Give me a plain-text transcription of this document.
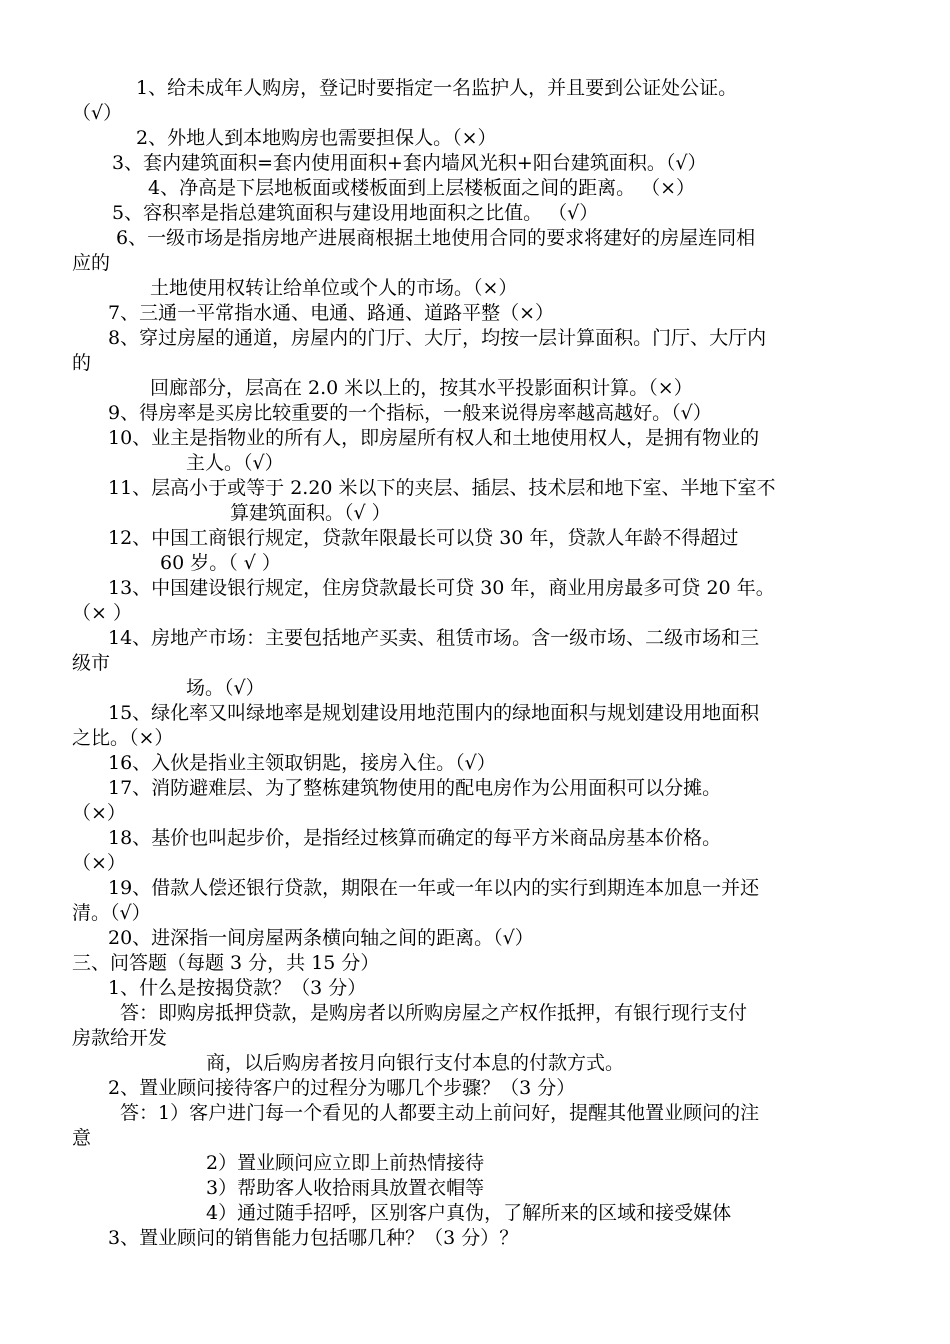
1、给未成年人购房，登记时要指定一名监护人，并且要到公证处公证。
（√）
2、外地人到本地购房也需要担保人。（×）
3、套内建筑面积=套内使用面积+套内墙风光积+阳台建筑面积。（√）
4、净高是下层地板面或楼板面到上层楼板面之间的距离。 （×）
5、容积率是指总建筑面积与建设用地面积之比值。 （√）
6、一级市场是指房地产进展商根据土地使用合同的要求将建好的房屋连同相
应的
土地使用权转让给单位或个人的市场。（×）
7、三通一平常指水通、电通、路通、道路平整（×）
8、穿过房屋的通道，房屋内的门厅、大厅，均按一层计算面积。门厅、大厅内
的
回廊部分，层高在 2.0 米以上的，按其水平投影面积计算。（×）
9、得房率是买房比较重要的一个指标，一般来说得房率越高越好。（√）
10、业主是指物业的所有人，即房屋所有权人和土地使用权人，是拥有物业的
主人。（√）
11、层高小于或等于 2.20 米以下的夹层、插层、技术层和地下室、半地下室不
算建筑面积。（√ ）
12、中国工商银行规定，贷款年限最长可以贷 30 年，贷款人年龄不得超过
60 岁。（ √ ）
13、中国建设银行规定，住房贷款最长可贷 30 年，商业用房最多可贷 20 年。
（× ）
14、房地产市场：主要包括地产买卖、租赁市场。含一级市场、二级市场和三
级市
场。（√）
15、绿化率又叫绿地率是规划建设用地范围内的绿地面积与规划建设用地面积
之比。（×）
16、入伙是指业主领取钥匙，接房入住。（√）
17、消防避难层、为了整栋建筑物使用的配电房作为公用面积可以分摊。
（×）
18、基价也叫起步价，是指经过核算而确定的每平方米商品房基本价格。
（×）
19、借款人偿还银行贷款，期限在一年或一年以内的实行到期连本加息一并还
清。（√）
20、进深指一间房屋两条横向轴之间的距离。（√）
三、问答题（每题 3 分，共 15 分）
1、什么是按揭贷款？（3 分）
答：即购房抵押贷款，是购房者以所购房屋之产权作抵押，有银行现行支付
房款给开发
商，以后购房者按月向银行支付本息的付款方式。
2、置业顾问接待客户的过程分为哪几个步骤？（3 分）
答：1）客户进门每一个看见的人都要主动上前问好，提醒其他置业顾问的注
意
2）置业顾问应立即上前热情接待
3）帮助客人收拾雨具放置衣帽等
4）通过随手招呼，区别客户真伪，了解所来的区域和接受媒体
3、置业顾问的销售能力包括哪几种？（3 分）？
